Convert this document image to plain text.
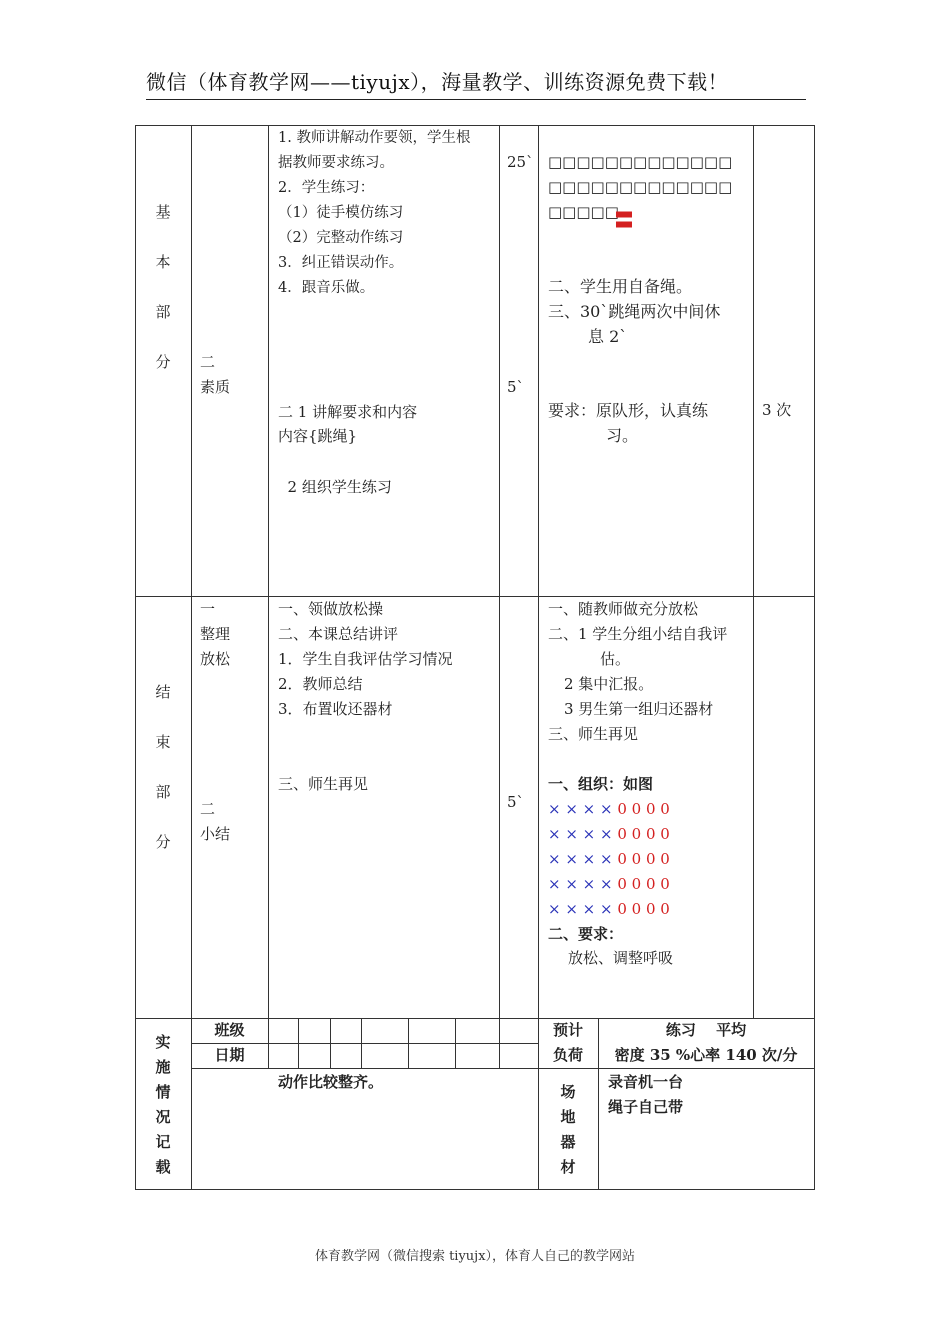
微信（体育教学网——tiyujx），海量教学、训练资源免费下载！
基
本
部
分	二
素质
1. 教师讲解动作要领，学生根
据教师要求练习。
2．学生练习：
（1）徒手模仿练习
（2）完整动作练习
3．纠正错误动作。
4．跟音乐做。

二 1 讲解要求和内容

2 组织学生练习

内容{跳绳}
25`
5`
□□□□□□□□□□□□□□□□□□□□□□□□□□□□□□□
〓
二、学生用自备绳。
三、30`跳绳两次中间休
息 2`
要求：原队形，认真练
习。
3 次
结
束
部
分
一
整理
放松
二
小结
一、领做放松操
二、本课总结讲评
1．学生自我评估学习情况
2．教师总结
3．布置收还器材
三、师生再见
5`
一、随教师做充分放松
二、1 学生分组小结自我评
估。
2 集中汇报。
3 男生第一组归还器材
三、师生再见
一、组织：如图
× × × × 0 0 0 0
× × × × 0 0 0 0
× × × × 0 0 0 0
× × × × 0 0 0 0
× × × × 0 0 0 0
二、要求：
放松、调整呼吸
实
施
情
况
记
载
班级
日期
预计
负荷
练习　 平均
密度 35 %心率 140 次/分
动作比较整齐。
场
地
器
材
录音机一台
绳子自己带
体育教学网（微信搜索 tiyujx），体育人自己的教学网站
